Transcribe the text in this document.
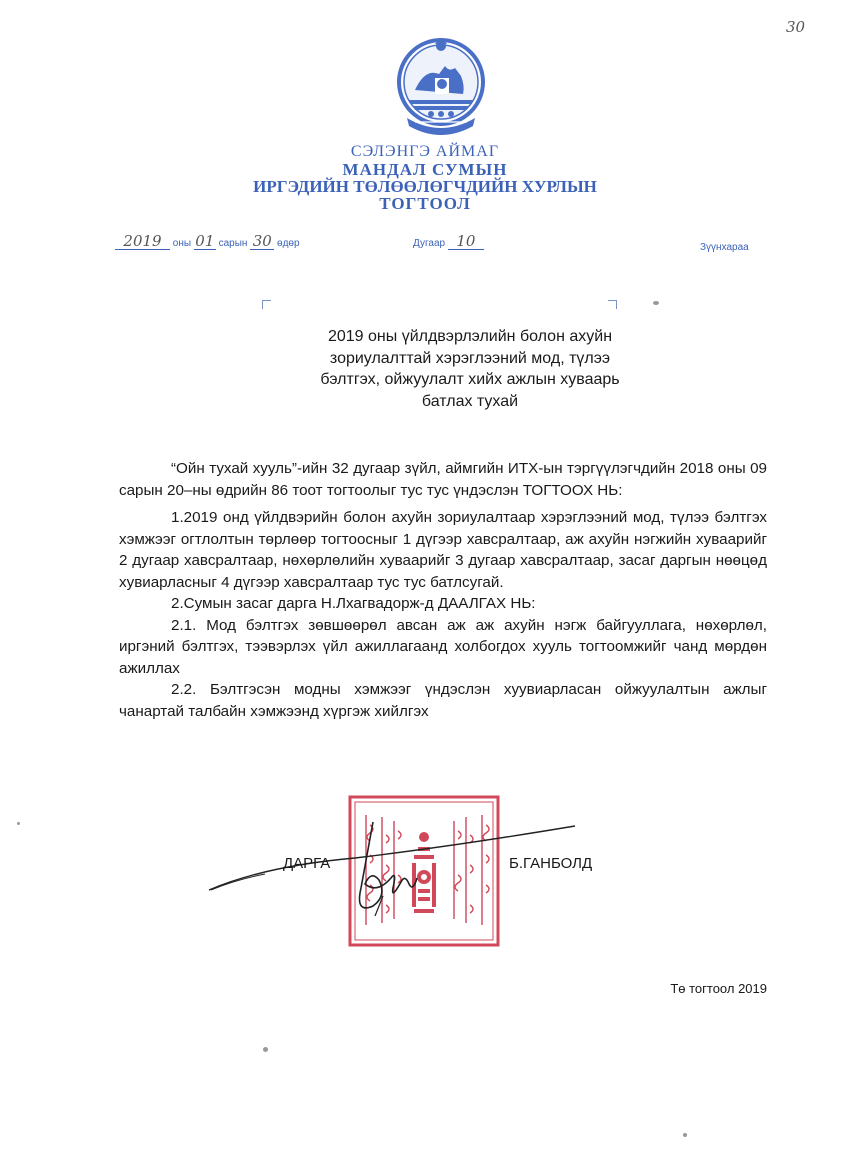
30
СЭЛЭНГЭ АЙМАГ
МАНДАЛ СУМЫН
ИРГЭДИЙН ТӨЛӨӨЛӨГЧДИЙН ХУРЛЫН
ТОГТООЛ
2019 оны 01 сарын 30 өдөр	Дугаар 10	Зүүнхараа
2019 оны үйлдвэрлэлийн болон ахуйн
зориулалттай хэрэглээний мод, түлээ
бэлтгэх, ойжуулалт хийх ажлын хуваарь
батлах тухай

“Ойн тухай хууль”-ийн 32 дугаар зүйл, аймгийн ИТХ-ын тэргүүлэгчдийн 2018 оны 09 сарын 20–ны өдрийн 86 тоот тогтоолыг тус тус үндэслэн ТОГТООХ НЬ:

1.2019 онд үйлдвэрийн болон ахуйн зориулалтаар хэрэглээний мод, түлээ бэлтгэх хэмжээг огтлолтын төрлөөр тогтоосныг 1 дүгээр хавсралтаар, аж ахуйн нэгжийн хуваарийг 2 дугаар хавсралтаар, нөхөрлөлийн хуваарийг 3 дугаар хавсралтаар, засаг даргын нөөцөд хувиарласныг 4 дүгээр хавсралтаар тус тус батлсугай.

2.Сумын засаг дарга Н.Лхагвадорж-д ДААЛГАХ НЬ:

2.1. Мод бэлтгэх зөвшөөрөл авсан аж аж ахуйн нэгж байгууллага, нөхөрлөл, иргэний бэлтгэх, тээвэрлэх үйл ажиллагаанд холбогдох хууль тогтоомжийг чанд мөрдөн ажиллах

2.2. Бэлтгэсэн модны хэмжээг үндэслэн хуувиарласан ойжуулалтын ажлыг чанартай талбайн хэмжээнд хүргэж хийлгэх

ДАРГА	Б.ГАНБОЛД
Тө тогтоол 2019
